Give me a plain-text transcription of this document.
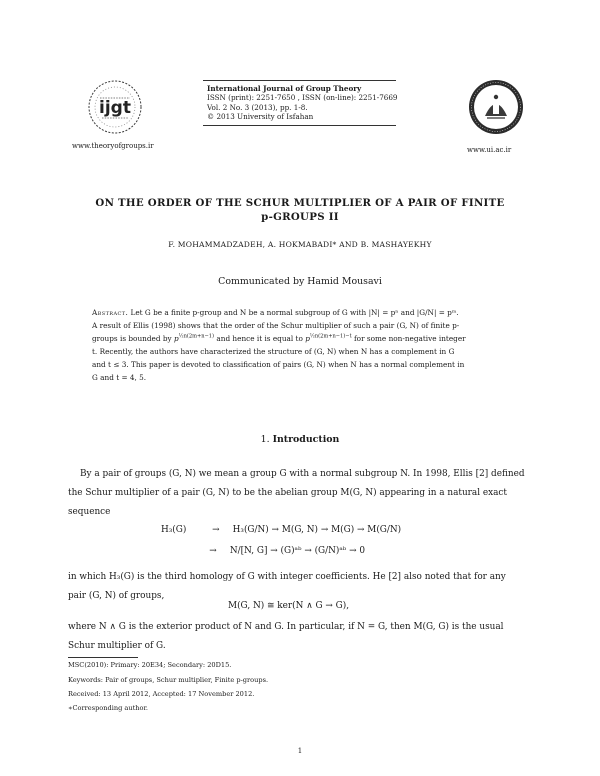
ijgt
www.theoryofgroups.ir
International Journal of Group Theory
ISSN (print): 2251-7650 , ISSN (on-line): 2251-7669
Vol. 2 No. 3 (2013), pp. 1-8.
© 2013 University of Isfahan
www.ui.ac.ir
ON THE ORDER OF THE SCHUR MULTIPLIER OF A PAIR OF FINITE
p-GROUPS II
F. MOHAMMADZADEH, A. HOKMABADI* AND B. MASHAYEKHY
Communicated by Hamid Mousavi
Abstract. Let G be a finite p-group and N be a normal subgroup of G with |N| = pⁿ and |G/N| = pᵐ.
A result of Ellis (1998) shows that the order of the Schur multiplier of such a pair (G, N) of finite p-
groups is bounded by $p^{\frac{1}{2}n(2m+n-1)}$ and hence it is equal to $p^{\frac{1}{2}n(2m+n-1)-t}$ for some non-negative integer
t. Recently, the authors have characterized the structure of (G, N) when N has a complement in G
and t ≤ 3. This paper is devoted to classification of pairs (G, N) when N has a normal complement in
G and t = 4, 5.
1. Introduction
By a pair of groups (G, N) we mean a group G with a normal subgroup N. In 1998, Ellis [2] defined
the Schur multiplier of a pair (G, N) to be the abelian group M(G, N) appearing in a natural exact
sequence
H₃(G)	→ H₃(G/N) → M(G, N) → M(G) → M(G/N)
→ N/[N, G] → (G)ᵃᵇ → (G/N)ᵃᵇ → 0
in which H₃(G) is the third homology of G with integer coefficients. He [2] also noted that for any
pair (G, N) of groups,
M(G, N) ≅ ker(N ∧ G → G),
where N ∧ G is the exterior product of N and G. In particular, if N = G, then M(G, G) is the usual
Schur multiplier of G.
MSC(2010): Primary: 20E34; Secondary: 20D15.
Keywords: Pair of groups, Schur multiplier, Finite p-groups.
Received: 13 April 2012, Accepted: 17 November 2012.
∗Corresponding author.
1
